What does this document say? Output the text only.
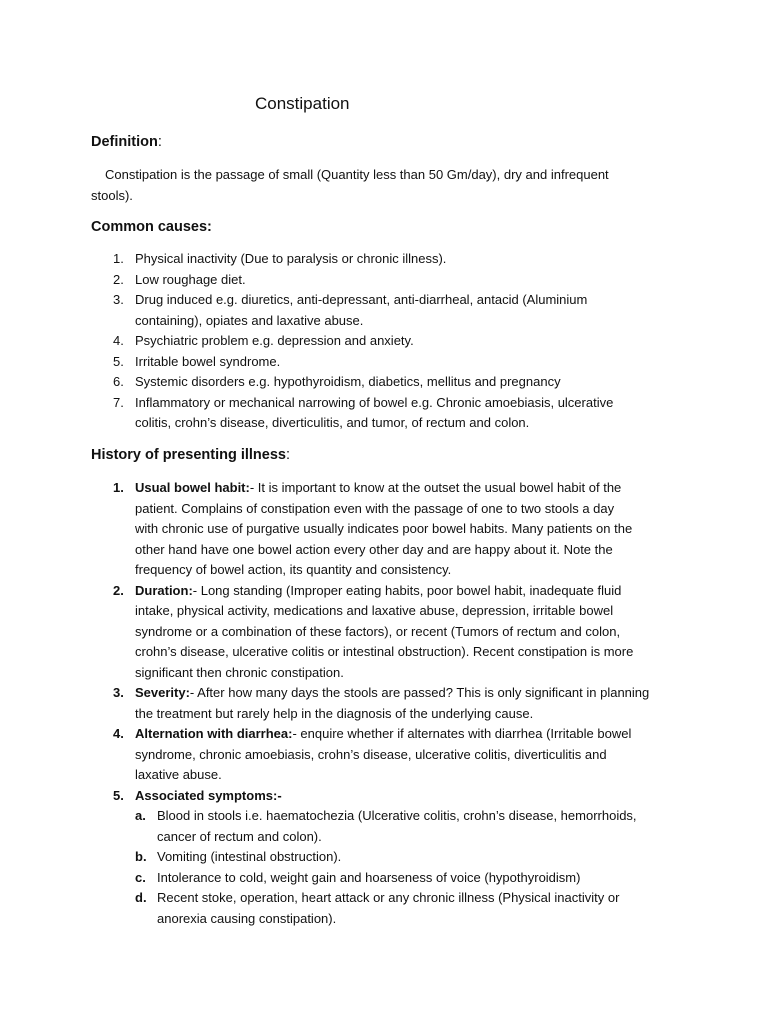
Constipation
Definition:
Constipation is the passage of small (Quantity less than 50 Gm/day), dry and infrequent
stools).
Common causes:
1. Physical inactivity (Due to paralysis or chronic illness).
2. Low roughage diet.
3. Drug induced e.g. diuretics, anti-depressant, anti-diarrheal, antacid (Aluminium
containing), opiates and laxative abuse.
4. Psychiatric problem e.g. depression and anxiety.
5. Irritable bowel syndrome.
6. Systemic disorders e.g. hypothyroidism, diabetics, mellitus and pregnancy
7. Inflammatory or mechanical narrowing of bowel e.g. Chronic amoebiasis, ulcerative
colitis, crohn’s disease, diverticulitis, and tumor, of rectum and colon.
History of presenting illness:
1. Usual bowel habit:- It is important to know at the outset the usual bowel habit of the
patient. Complains of constipation even with the passage of one to two stools a day
with chronic use of purgative usually indicates poor bowel habits. Many patients on the
other hand have one bowel action every other day and are happy about it. Note the
frequency of bowel action, its quantity and consistency.
2. Duration:- Long standing (Improper eating habits, poor bowel habit, inadequate fluid
intake, physical activity, medications and laxative abuse, depression, irritable bowel
syndrome or a combination of these factors), or recent (Tumors of rectum and colon,
crohn’s disease, ulcerative colitis or intestinal obstruction). Recent constipation is more
significant then chronic constipation.
3. Severity:- After how many days the stools are passed? This is only significant in planning
the treatment but rarely help in the diagnosis of the underlying cause.
4. Alternation with diarrhea:- enquire whether if alternates with diarrhea (Irritable bowel
syndrome, chronic amoebiasis, crohn’s disease, ulcerative colitis, diverticulitis and
laxative abuse.
5. Associated symptoms:-
a. Blood in stools i.e. haematochezia (Ulcerative colitis, crohn’s disease, hemorrhoids,
cancer of rectum and colon).
b. Vomiting (intestinal obstruction).
c. Intolerance to cold, weight gain and hoarseness of voice (hypothyroidism)
d. Recent stoke, operation, heart attack or any chronic illness (Physical inactivity or
anorexia causing constipation).
